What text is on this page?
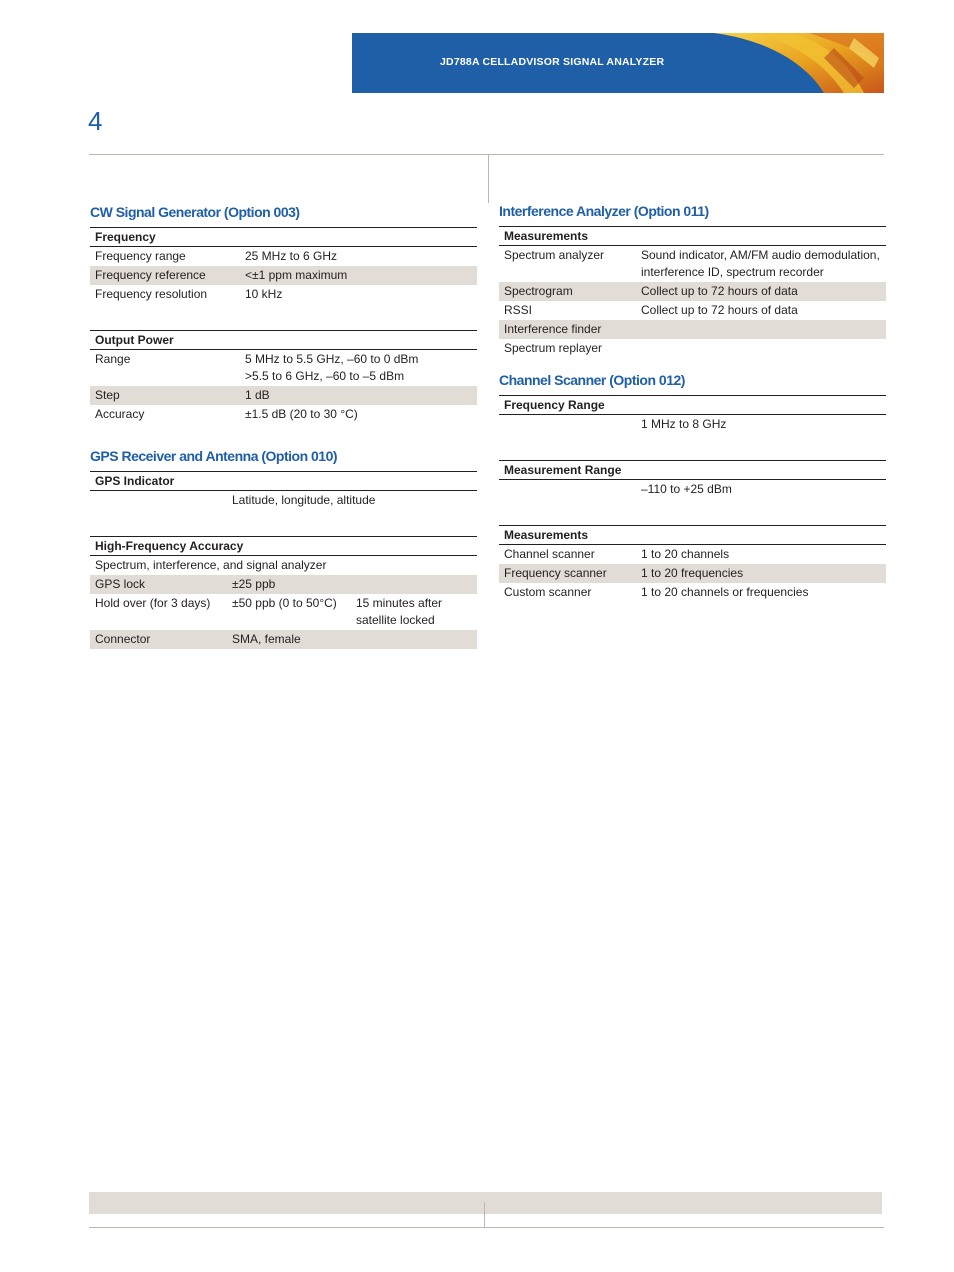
JD788A CELLADVISOR SIGNAL ANALYZER
4
CW Signal Generator (Option 003)
Frequency	
Frequency range	25 MHz to 6 GHz
Frequency reference	<±1 ppm maximum
Frequency resolution	10 kHz
Output Power	
Range	5 MHz to 5.5 GHz, –60 to 0 dBm
>5.5 to 6 GHz, –60 to –5 dBm

Step	1 dB
Accuracy	±1.5 dB (20 to 30 °C)
GPS Receiver and Antenna (Option 010)
GPS Indicator
	Latitude, longitude, altitude
High-Frequency Accuracy		
Spectrum, interference, and signal analyzer		
GPS lock	±25 ppb	
Hold over (for 3 days)	±50 ppb (0 to 50°C)	15 minutes after
satellite locked

Connector	SMA, female	
Interference Analyzer (Option 011)
Measurements	
Spectrum analyzer	Sound indicator, AM/FM audio demodulation,
interference ID, spectrum recorder

Spectrogram	Collect up to 72 hours of data
RSSI	Collect up to 72 hours of data
Interference finder	
Spectrum replayer	
Channel Scanner (Option 012)
Frequency Range
	1 MHz to 8 GHz
Measurement Range
	–110 to +25 dBm
Measurements	
Channel scanner	1 to 20 channels
Frequency scanner	1 to 20 frequencies
Custom scanner	1 to 20 channels or frequencies
